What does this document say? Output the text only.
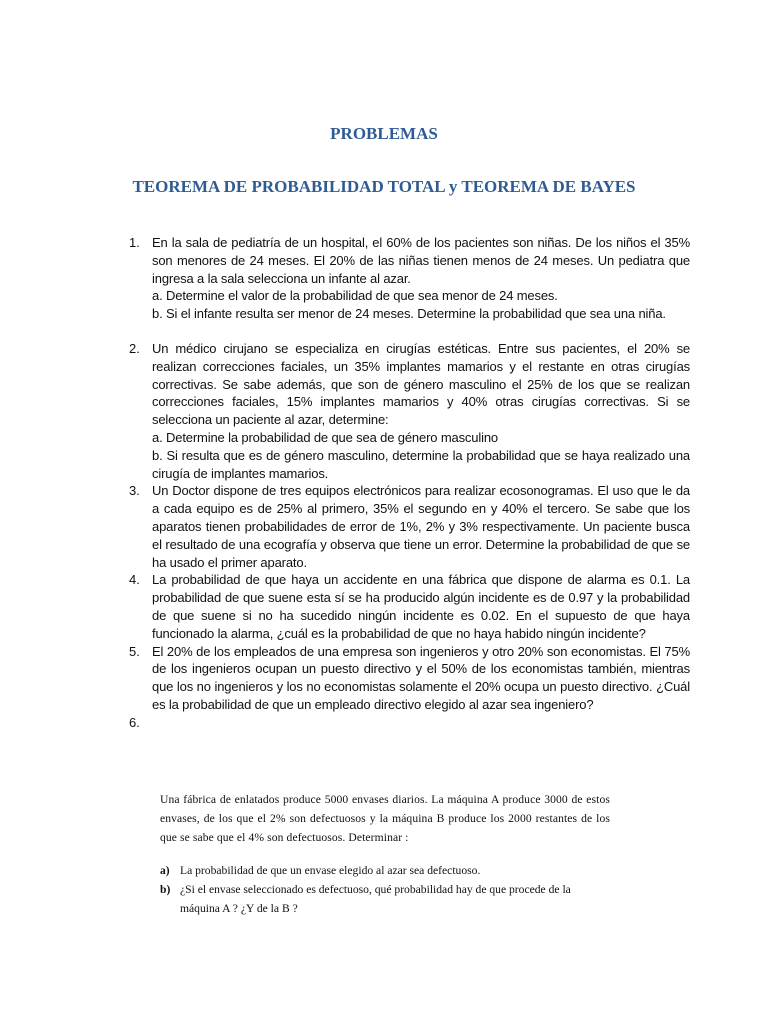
PROBLEMAS
TEOREMA DE PROBABILIDAD TOTAL y TEOREMA DE BAYES
1. En la sala de pediatría de un hospital, el 60% de los pacientes son niñas. De los niños el 35% son menores de 24 meses. El 20% de las niñas tienen menos de 24 meses. Un pediatra que ingresa a la sala selecciona un infante al azar.

a. Determine el valor de la probabilidad de que sea menor de 24 meses.

b. Si el infante resulta ser menor de 24 meses. Determine la probabilidad que sea una niña.

2. Un médico cirujano se especializa en cirugías estéticas. Entre sus pacientes, el 20% se realizan correcciones faciales, un 35% implantes mamarios y el restante en otras cirugías correctivas. Se sabe además, que son de género masculino el 25% de los que se realizan correcciones faciales, 15% implantes mamarios y 40% otras cirugías correctivas. Si se selecciona un paciente al azar, determine:

a. Determine la probabilidad de que sea de género masculino

b. Si resulta que es de género masculino, determine la probabilidad que se haya realizado una cirugía de implantes mamarios.

3. Un Doctor dispone de tres equipos electrónicos para realizar ecosonogramas. El uso que le da a cada equipo es de 25% al primero, 35% el segundo en y 40% el tercero. Se sabe que los aparatos tienen probabilidades de error de 1%, 2% y 3% respectivamente. Un paciente busca el resultado de una ecografía y observa que tiene un error. Determine la probabilidad de que se ha usado el primer aparato.

4. La probabilidad de que haya un accidente en una fábrica que dispone de alarma es 0.1. La probabilidad de que suene esta sí se ha producido algún incidente es de 0.97 y la probabilidad de que suene si no ha sucedido ningún incidente es 0.02. En el supuesto de que haya funcionado la alarma, ¿cuál es la probabilidad de que no haya habido ningún incidente?

5. El 20% de los empleados de una empresa son ingenieros y otro 20% son economistas. El 75% de los ingenieros ocupan un puesto directivo y el 50% de los economistas también, mientras que los no ingenieros y los no economistas solamente el 20% ocupa un puesto directivo. ¿Cuál es la probabilidad de que un empleado directivo elegido al azar sea ingeniero?

6.

Una fábrica de enlatados produce 5000 envases diarios. La máquina A produce 3000 de estos envases, de los que el 2% son defectuosos y la máquina B produce los 2000 restantes de los que se sabe que el 4% son defectuosos. Determinar :

a) La probabilidad de que un envase elegido al azar sea defectuoso.
b) ¿Si el envase seleccionado es defectuoso, qué probabilidad hay de que procede de la máquina A ? ¿Y de la B ?
